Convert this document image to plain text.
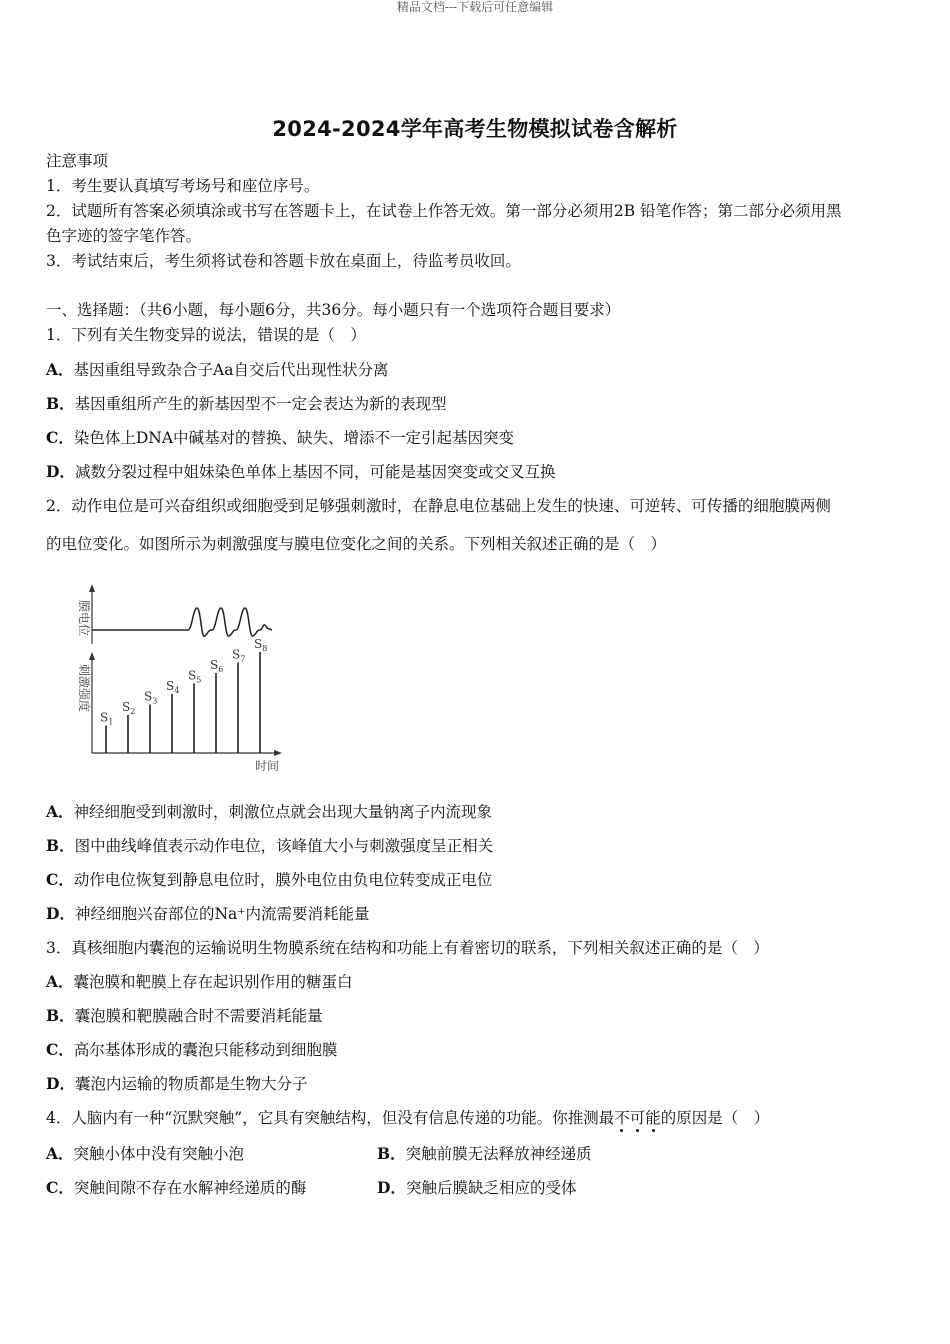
精品文档---下载后可任意编辑
2024-2024学年高考生物模拟试卷含解析
注意事项
1．考生要认真填写考场号和座位序号。
2．试题所有答案必须填涂或书写在答题卡上，在试卷上作答无效。第一部分必须用2B 铅笔作答；第二部分必须用黑
色字迹的签字笔作答。
3．考试结束后，考生须将试卷和答题卡放在桌面上，待监考员收回。
一、选择题：（共6小题，每小题6分，共36分。每小题只有一个选项符合题目要求）
1．下列有关生物变异的说法，错误的是（　）
A．基因重组导致杂合子Aa自交后代出现性状分离
B．基因重组所产生的新基因型不一定会表达为新的表现型
C．染色体上DNA中碱基对的替换、缺失、增添不一定引起基因突变
D．减数分裂过程中姐妹染色单体上基因不同，可能是基因突变或交叉互换
2．动作电位是可兴奋组织或细胞受到足够强刺激时，在静息电位基础上发生的快速、可逆转、可传播的细胞膜两侧
的电位变化。如图所示为刺激强度与膜电位变化之间的关系。下列相关叙述正确的是（　）
膜电位
刺激强度
时间
$S_1$
$S_2$
$S_3$
$S_4$
$S_5$
$S_6$
$S_7$
$S_8$
A．神经细胞受到刺激时，刺激位点就会出现大量钠离子内流现象
B．图中曲线峰值表示动作电位，该峰值大小与刺激强度呈正相关
C．动作电位恢复到静息电位时，膜外电位由负电位转变成正电位
D．神经细胞兴奋部位的Na⁺内流需要消耗能量
3．真核细胞内囊泡的运输说明生物膜系统在结构和功能上有着密切的联系，下列相关叙述正确的是（　）
A．囊泡膜和靶膜上存在起识别作用的糖蛋白
B．囊泡膜和靶膜融合时不需要消耗能量
C．高尔基体形成的囊泡只能移动到细胞膜
D．囊泡内运输的物质都是生物大分子
4．人脑内有一种“沉默突触”，它具有突触结构，但没有信息传递的功能。你推测最不可能的原因是（　）
A．突触小体中没有突触小泡	B．突触前膜无法释放神经递质
C．突触间隙不存在水解神经递质的酶	D．突触后膜缺乏相应的受体
